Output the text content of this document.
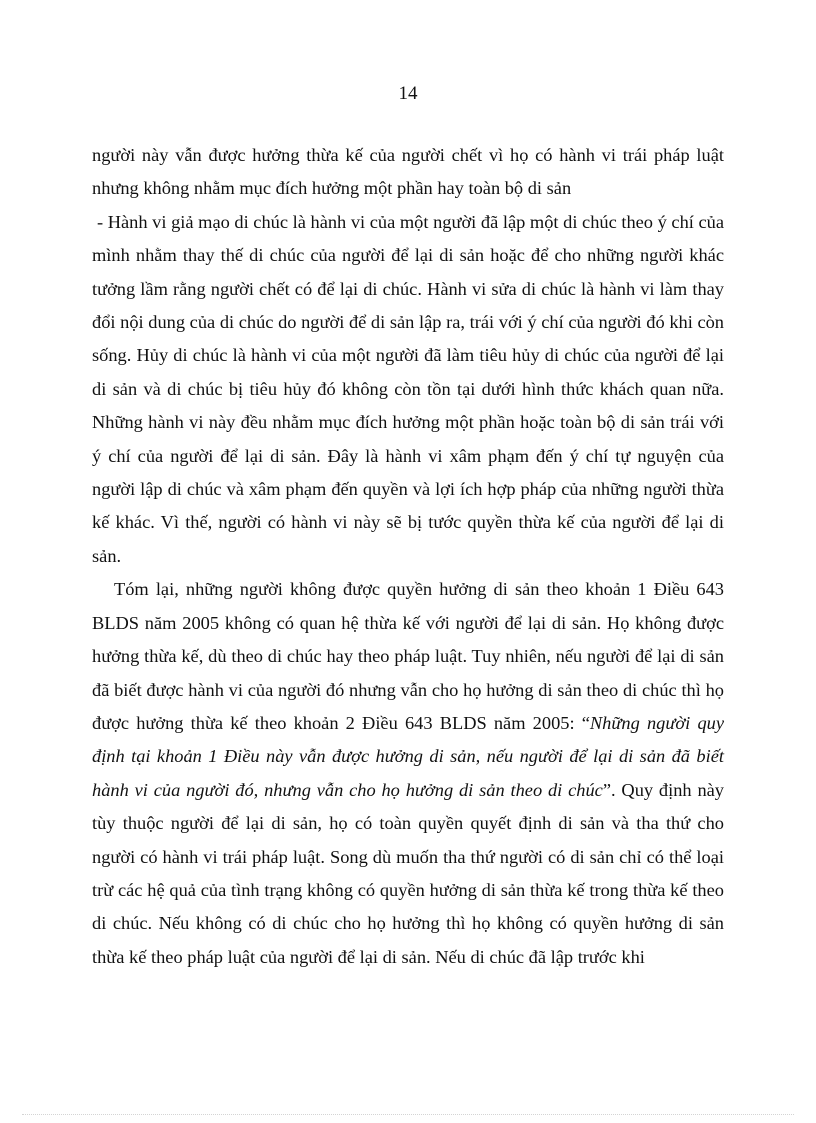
14

người này vẫn được hưởng thừa kế của người chết vì họ có hành vi trái pháp luật nhưng không nhằm mục đích hưởng một phần hay toàn bộ di sản

- Hành vi giả mạo di chúc là hành vi của một người đã lập một di chúc theo ý chí của mình nhằm thay thế di chúc của người để lại di sản hoặc để cho những người khác tưởng lầm rằng người chết có để lại di chúc. Hành vi sửa di chúc là hành vi làm thay đổi nội dung của di chúc do người để di sản lập ra, trái với ý chí của người đó khi còn sống. Hủy di chúc là hành vi của một người đã làm tiêu hủy di chúc của người để lại di sản và di chúc bị tiêu hủy đó không còn tồn tại dưới hình thức khách quan nữa. Những hành vi này đều nhằm mục đích hưởng một phần hoặc toàn bộ di sản trái với ý chí của người để lại di sản. Đây là hành vi xâm phạm đến ý chí tự nguyện của người lập di chúc và xâm phạm đến quyền và lợi ích hợp pháp của những người thừa kế khác. Vì thế, người có hành vi này sẽ bị tước quyền thừa kế của người để lại di sản.

Tóm lại, những người không được quyền hưởng di sản theo khoản 1 Điều 643 BLDS năm 2005 không có quan hệ thừa kế với người để lại di sản. Họ không được hưởng thừa kế, dù theo di chúc hay theo pháp luật. Tuy nhiên, nếu người để lại di sản đã biết được hành vi của người đó nhưng vẫn cho họ hưởng di sản theo di chúc thì họ được hưởng thừa kế theo khoản 2 Điều 643 BLDS năm 2005: “Những người quy định tại khoản 1 Điều này vẫn được hưởng di sản, nếu người để lại di sản đã biết hành vi của người đó, nhưng vẫn cho họ hưởng di sản theo di chúc”. Quy định này tùy thuộc người để lại di sản, họ có toàn quyền quyết định di sản và tha thứ cho người có hành vi trái pháp luật. Song dù muốn tha thứ người có di sản chỉ có thể loại trừ các hệ quả của tình trạng không có quyền hưởng di sản thừa kế trong thừa kế theo di chúc. Nếu không có di chúc cho họ hưởng thì họ không có quyền hưởng di sản thừa kế theo pháp luật của người để lại di sản. Nếu di chúc đã lập trước khi
